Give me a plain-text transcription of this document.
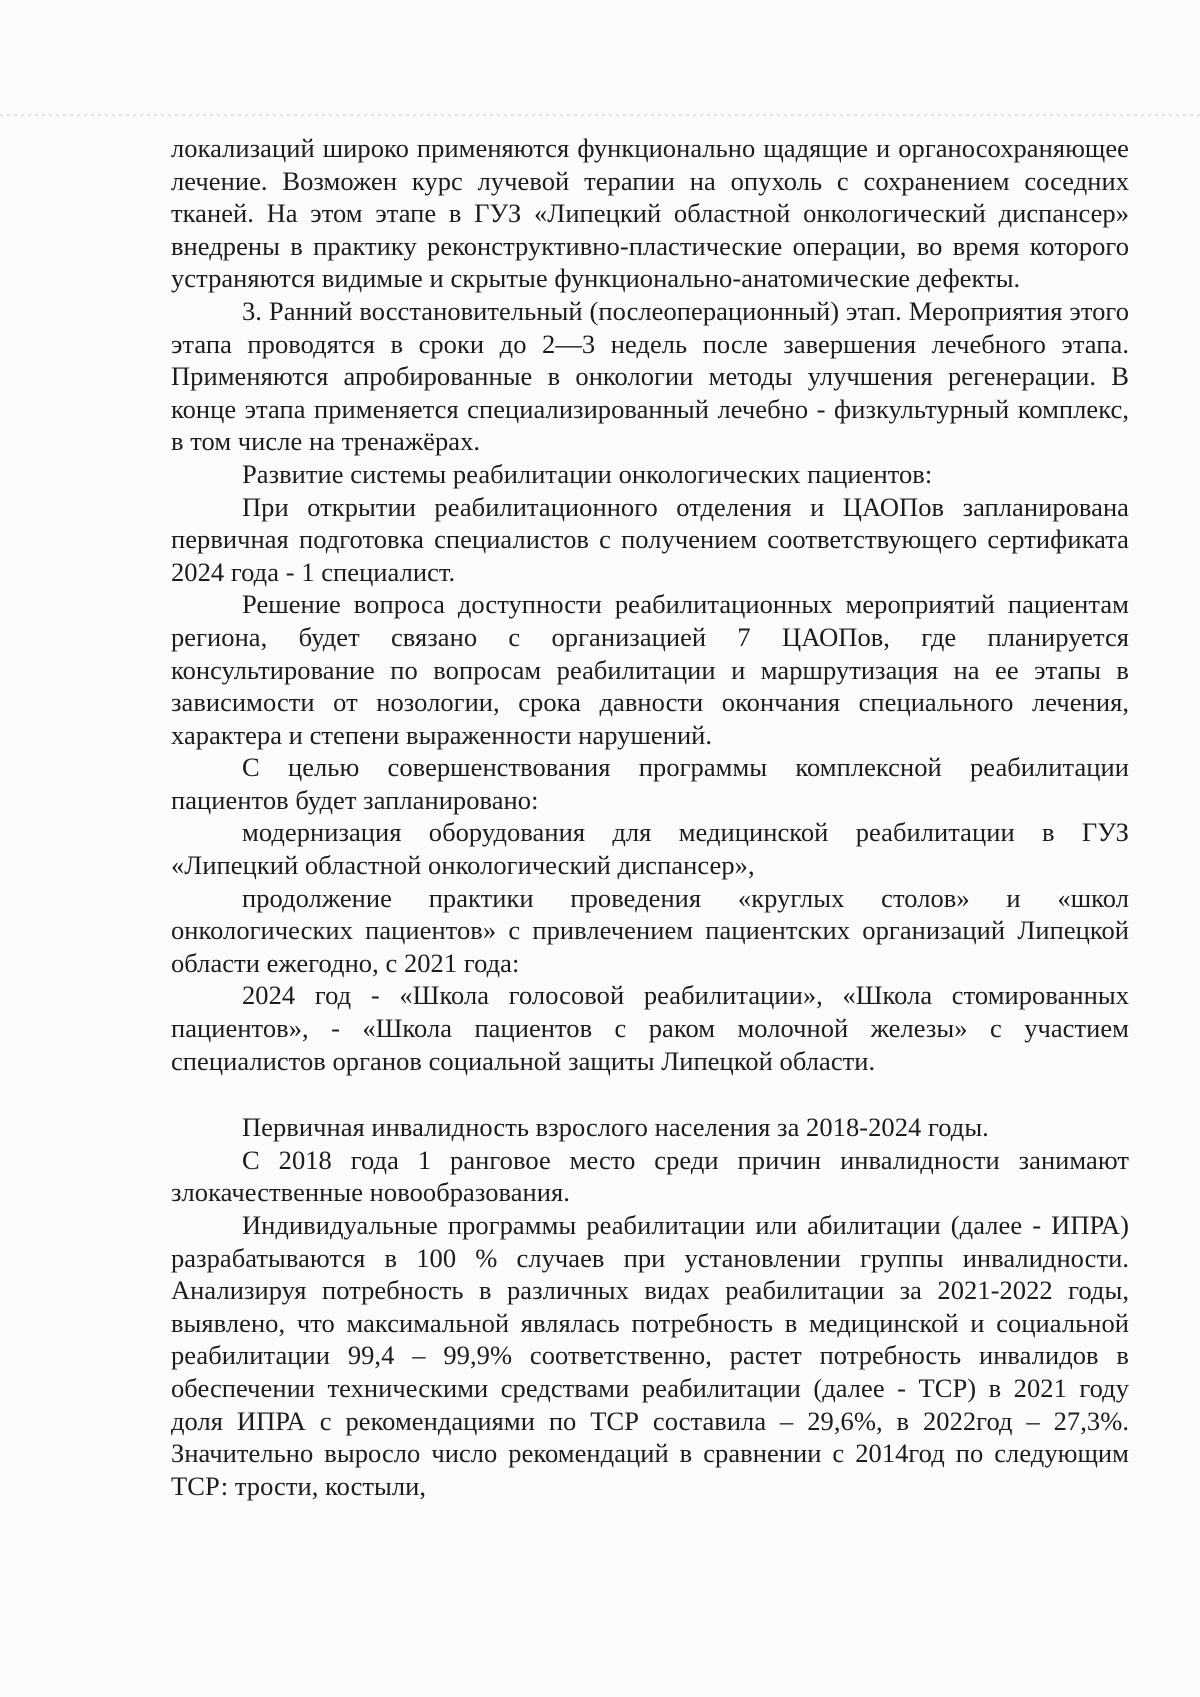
локализаций широко применяются функционально щадящие и органосохраняющее лечение. Возможен курс лучевой терапии на опухоль с сохранением соседних тканей. На этом этапе в ГУЗ «Липецкий областной онкологический диспансер» внедрены в практику реконструктивно-пластические операции, во время которого устраняются видимые и скрытые функционально-анатомические дефекты.

3. Ранний восстановительный (послеоперационный) этап. Мероприятия этого этапа проводятся в сроки до 2—3 недель после завершения лечебного этапа. Применяются апробированные в онкологии методы улучшения регенерации. В конце этапа применяется специализированный лечебно - физкультурный комплекс, в том числе на тренажёрах.

Развитие системы реабилитации онкологических пациентов:

При открытии реабилитационного отделения и ЦАОПов запланирована первичная подготовка специалистов с получением соответствующего сертификата 2024 года - 1 специалист.

Решение вопроса доступности реабилитационных мероприятий пациентам региона, будет связано с организацией 7 ЦАОПов, где планируется консультирование по вопросам реабилитации и маршрутизация на ее этапы в зависимости от нозологии, срока давности окончания специального лечения, характера и степени выраженности нарушений.

С целью совершенствования программы комплексной реабилитации пациентов будет запланировано:

модернизация оборудования для медицинской реабилитации в ГУЗ «Липецкий областной онкологический диспансер»,

продолжение практики проведения «круглых столов» и «школ онкологических пациентов» с привлечением пациентских организаций Липецкой области ежегодно, с 2021 года:

2024 год - «Школа голосовой реабилитации», «Школа стомированных пациентов», - «Школа пациентов с раком молочной железы» с участием специалистов органов социальной защиты Липецкой области.

Первичная инвалидность взрослого населения за 2018-2024 годы.

С 2018 года 1 ранговое место среди причин инвалидности занимают злокачественные новообразования.

Индивидуальные программы реабилитации или абилитации (далее - ИПРА) разрабатываются в 100 % случаев при установлении группы инвалидности. Анализируя потребность в различных видах реабилитации за 2021-2022 годы, выявлено, что максимальной являлась потребность в медицинской и социальной реабилитации 99,4 – 99,9% соответственно, растет потребность инвалидов в обеспечении техническими средствами реабилитации (далее - ТСР) в 2021 году доля ИПРА с рекомендациями по ТСР составила – 29,6%, в 2022год – 27,3%. Значительно выросло число рекомендаций в сравнении с 2014год по следующим ТСР: трости, костыли,
